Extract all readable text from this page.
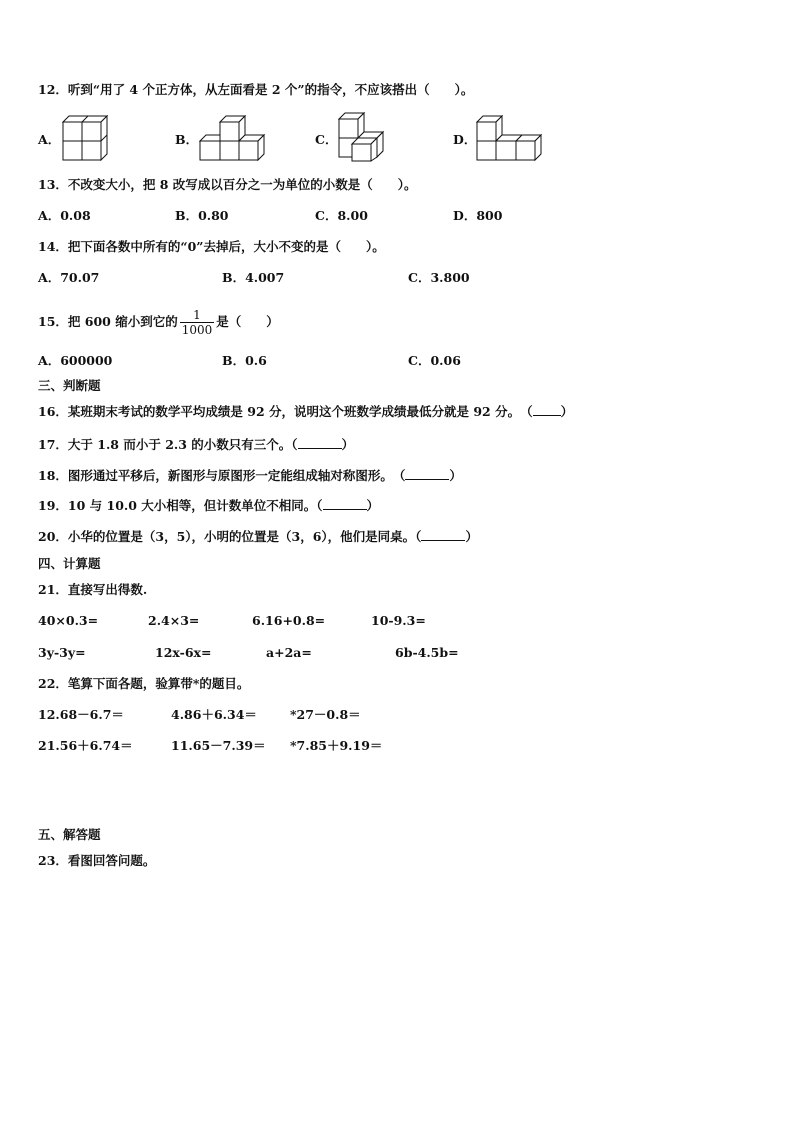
12．听到“用了 4 个正方体，从左面看是 2 个”的指令，不应该搭出（　　）。
A．	B．	C．	D．
13．不改变大小，把 8 改写成以百分之一为单位的小数是（　　）。
A．0.08	B．0.80	C．8.00	D．800
14．把下面各数中所有的“0”去掉后，大小不变的是（　　）。
A．70.07	B．4.007	C．3.800
15．把 600 缩小到它的 $\frac{1}{1000}$ 是（　　）
A．600000	B．0.6	C．0.06
三、判断题
16．某班期末考试的数学平均成绩是 92 分，说明这个班数学成绩最低分就是 92 分。　（ ）
17．大于 1.8 而小于 2.3 的小数只有三个。（	）
18．图形通过平移后，新图形与原图形一定能组成轴对称图形。　（	）
19．10 与 10.0 大小相等，但计数单位不相同。（	）
20．小华的位置是（3，5），小明的位置是（3，6），他们是同桌。（	）
四、计算题
21．直接写出得数.
40×0.3=	2.4×3=	6.16+0.8=	10-9.3=
3y-3y=	12x-6x=	a+2a=	6b-4.5b=
22．笔算下面各题，验算带*的题目。
12.68－6.7＝	4.86＋6.34＝	*27－0.8＝
21.56＋6.74＝	11.65－7.39＝ *7.85＋9.19＝
五、解答题
23．看图回答问题。
